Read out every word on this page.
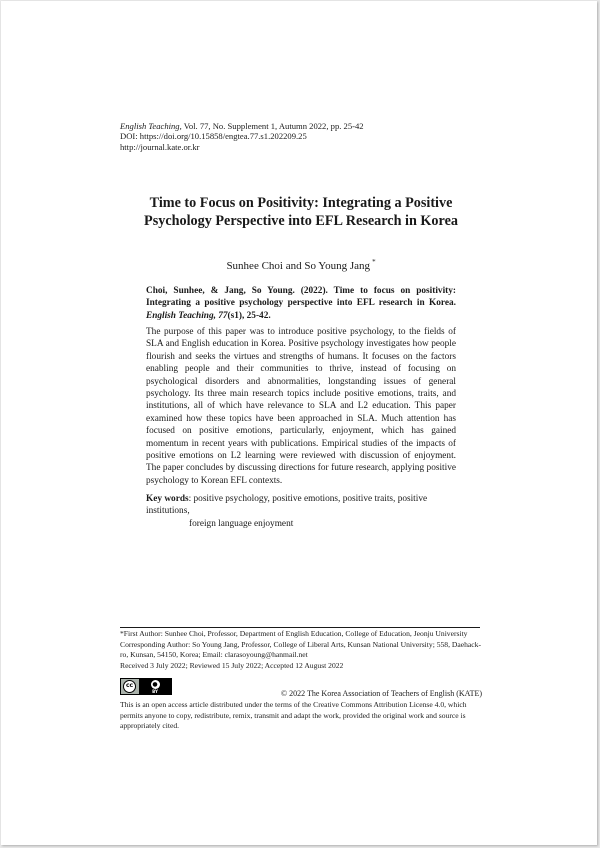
English Teaching, Vol. 77, No. Supplement 1, Autumn 2022, pp. 25-42
DOI: https://doi.org/10.15858/engtea.77.s1.202209.25
http://journal.kate.or.kr
Time to Focus on Positivity: Integrating a Positive
Psychology Perspective into EFL Research in Korea
Sunhee Choi and So Young Jang *
Choi, Sunhee, & Jang, So Young. (2022). Time to focus on positivity: Integrating a positive psychology perspective into EFL research in Korea. English Teaching, 77(s1), 25-42.
The purpose of this paper was to introduce positive psychology, to the fields of SLA and English education in Korea. Positive psychology investigates how people flourish and seeks the virtues and strengths of humans. It focuses on the factors enabling people and their communities to thrive, instead of focusing on psychological disorders and abnormalities, longstanding issues of general psychology. Its three main research topics include positive emotions, traits, and institutions, all of which have relevance to SLA and L2 education. This paper examined how these topics have been approached in SLA. Much attention has focused on positive emotions, particularly, enjoyment, which has gained momentum in recent years with publications. Empirical studies of the impacts of positive emotions on L2 learning were reviewed with discussion of enjoyment. The paper concludes by discussing directions for future research, applying positive psychology to Korean EFL contexts.
Key words: positive psychology, positive emotions, positive traits, positive institutions,
foreign language enjoyment
*First Author: Sunhee Choi, Professor, Department of English Education, College of Education, Jeonju University
Corresponding Author: So Young Jang, Professor, College of Liberal Arts, Kunsan National University; 558, Daehack-ro, Kunsan, 54150, Korea; Email: clarasoyoung@hanmail.net
Received 3 July 2022; Reviewed 15 July 2022; Accepted 12 August 2022
cc	●
BY	© 2022 The Korea Association of Teachers of English (KATE)
This is an open access article distributed under the terms of the Creative Commons Attribution License 4.0, which permits anyone to copy, redistribute, remix, transmit and adapt the work, provided the original work and source is appropriately cited.
